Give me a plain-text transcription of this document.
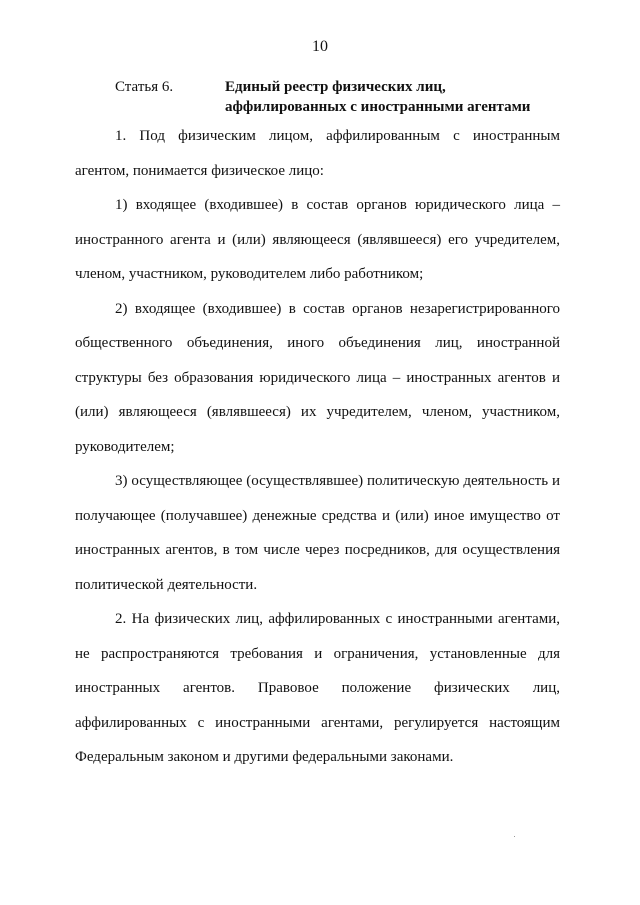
10
Статья 6.	Единый реестр физических лиц,
аффилированных с иностранными агентами

1. Под физическим лицом, аффилированным с иностранным агентом, понимается физическое лицо:

1) входящее (входившее) в состав органов юридического лица – иностранного агента и (или) являющееся (являвшееся) его учредителем, членом, участником, руководителем либо работником;

2) входящее (входившее) в состав органов незарегистрированного общественного объединения, иного объединения лиц, иностранной структуры без образования юридического лица – иностранных агентов и (или) являющееся (являвшееся) их учредителем, членом, участником, руководителем;

3) осуществляющее (осуществлявшее) политическую деятельность и получающее (получавшее) денежные средства и (или) иное имущество от иностранных агентов, в том числе через посредников, для осуществления политической деятельности.

2. На физических лиц, аффилированных с иностранными агентами, не распространяются требования и ограничения, установленные для иностранных агентов. Правовое положение физических лиц, аффилированных с иностранными агентами, регулируется настоящим Федеральным законом и другими федеральными законами.
